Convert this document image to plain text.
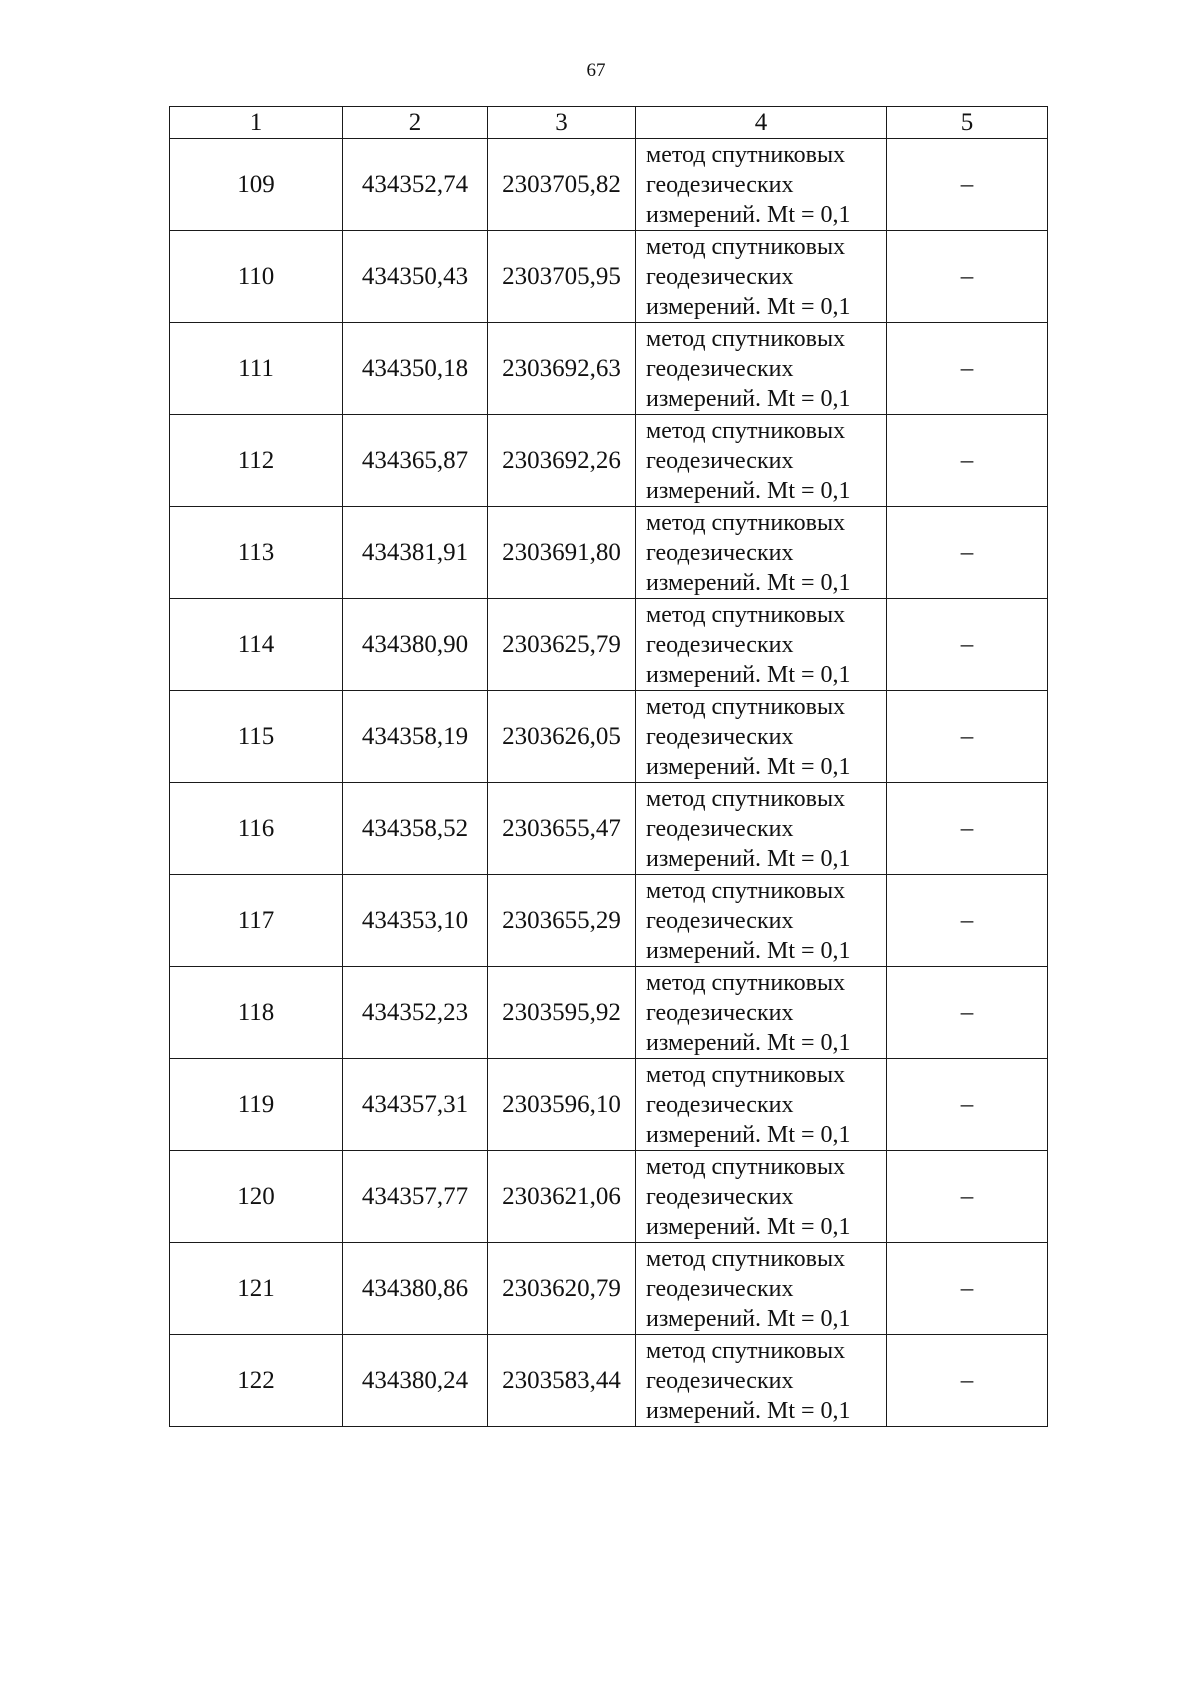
67
1	2	3	4	5
109	434352,74	2303705,82	метод спутниковых
геодезических
измерений. Mt = 0,1	–
110	434350,43	2303705,95	метод спутниковых
геодезических
измерений. Mt = 0,1	–
111	434350,18	2303692,63	метод спутниковых
геодезических
измерений. Mt = 0,1	–
112	434365,87	2303692,26	метод спутниковых
геодезических
измерений. Mt = 0,1	–
113	434381,91	2303691,80	метод спутниковых
геодезических
измерений. Mt = 0,1	–
114	434380,90	2303625,79	метод спутниковых
геодезических
измерений. Mt = 0,1	–
115	434358,19	2303626,05	метод спутниковых
геодезических
измерений. Mt = 0,1	–
116	434358,52	2303655,47	метод спутниковых
геодезических
измерений. Mt = 0,1	–
117	434353,10	2303655,29	метод спутниковых
геодезических
измерений. Mt = 0,1	–
118	434352,23	2303595,92	метод спутниковых
геодезических
измерений. Mt = 0,1	–
119	434357,31	2303596,10	метод спутниковых
геодезических
измерений. Mt = 0,1	–
120	434357,77	2303621,06	метод спутниковых
геодезических
измерений. Mt = 0,1	–
121	434380,86	2303620,79	метод спутниковых
геодезических
измерений. Mt = 0,1	–
122	434380,24	2303583,44	метод спутниковых
геодезических
измерений. Mt = 0,1	–
